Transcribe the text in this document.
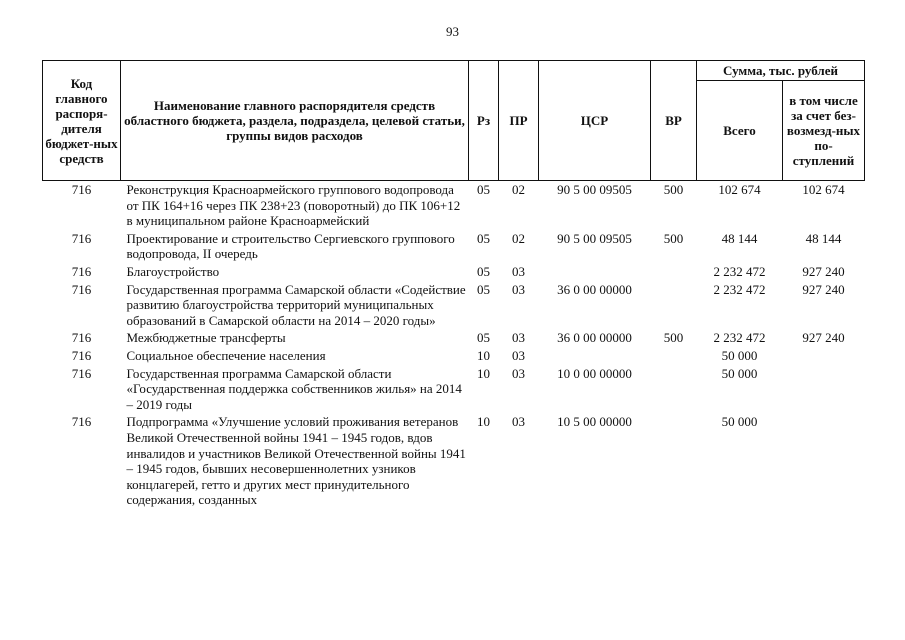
93
Код главного распоря-дителя бюджет-ных средств	Наименование главного распорядителя средств областного бюджета, раздела, подраздела, целевой статьи, группы видов расходов	Рз	ПР	ЦСР	ВР	Сумма, тыс. рублей	
						Всего	в том числе за счет без-возмезд-ных по-ступлений
716	Реконструкция Красноармейского группового водопровода от ПК 164+16 через ПК 238+23 (поворотный) до ПК 106+12 в муниципальном районе Красноармейский	05	02	90 5 00 09505	500	102 674	102 674
716	Проектирование и строительство Сергиевского группового водопровода, II очередь	05	02	90 5 00 09505	500	48 144	48 144
716	Благоустройство	05	03			2 232 472	927 240
716	Государственная программа Самарской области «Содействие развитию благоустройства территорий муниципальных образований в Самарской области на 2014 – 2020 годы»	05	03	36 0 00 00000		2 232 472	927 240
716	Межбюджетные трансферты	05	03	36 0 00 00000	500	2 232 472	927 240
716	Социальное обеспечение населения	10	03			50 000	
716	Государственная программа Самарской области «Государственная поддержка собственников жилья» на 2014 – 2019 годы	10	03	10 0 00 00000		50 000	
716	Подпрограмма «Улучшение условий проживания ветеранов Великой Отечественной войны 1941 – 1945 годов, вдов инвалидов и участников Великой Отечественной войны 1941 – 1945 годов, бывших несовершеннолетних узников концлагерей, гетто и других мест принудительного содержания, созданных	10	03	10 5 00 00000		50 000	
